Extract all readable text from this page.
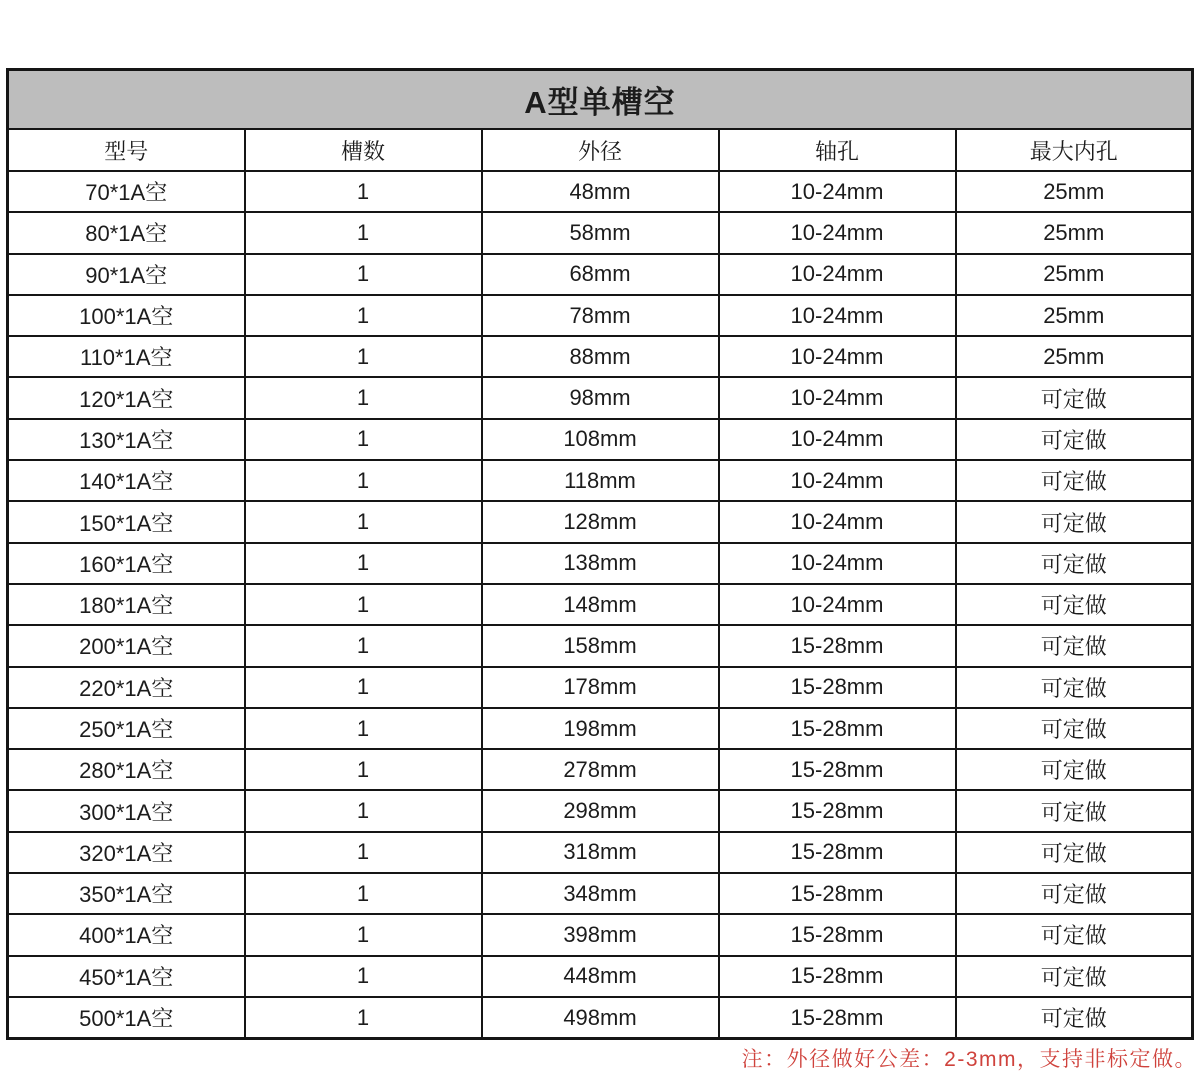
A型单槽空				
型号	槽数	外径	轴孔	最大内孔
70*1A空	1	48mm	10-24mm	25mm
80*1A空	1	58mm	10-24mm	25mm
90*1A空	1	68mm	10-24mm	25mm
100*1A空	1	78mm	10-24mm	25mm
110*1A空	1	88mm	10-24mm	25mm
120*1A空	1	98mm	10-24mm	可定做
130*1A空	1	108mm	10-24mm	可定做
140*1A空	1	118mm	10-24mm	可定做
150*1A空	1	128mm	10-24mm	可定做
160*1A空	1	138mm	10-24mm	可定做
180*1A空	1	148mm	10-24mm	可定做
200*1A空	1	158mm	15-28mm	可定做
220*1A空	1	178mm	15-28mm	可定做
250*1A空	1	198mm	15-28mm	可定做
280*1A空	1	278mm	15-28mm	可定做
300*1A空	1	298mm	15-28mm	可定做
320*1A空	1	318mm	15-28mm	可定做
350*1A空	1	348mm	15-28mm	可定做
400*1A空	1	398mm	15-28mm	可定做
450*1A空	1	448mm	15-28mm	可定做
500*1A空	1	498mm	15-28mm	可定做
注：外径做好公差：2-3mm，支持非标定做。
